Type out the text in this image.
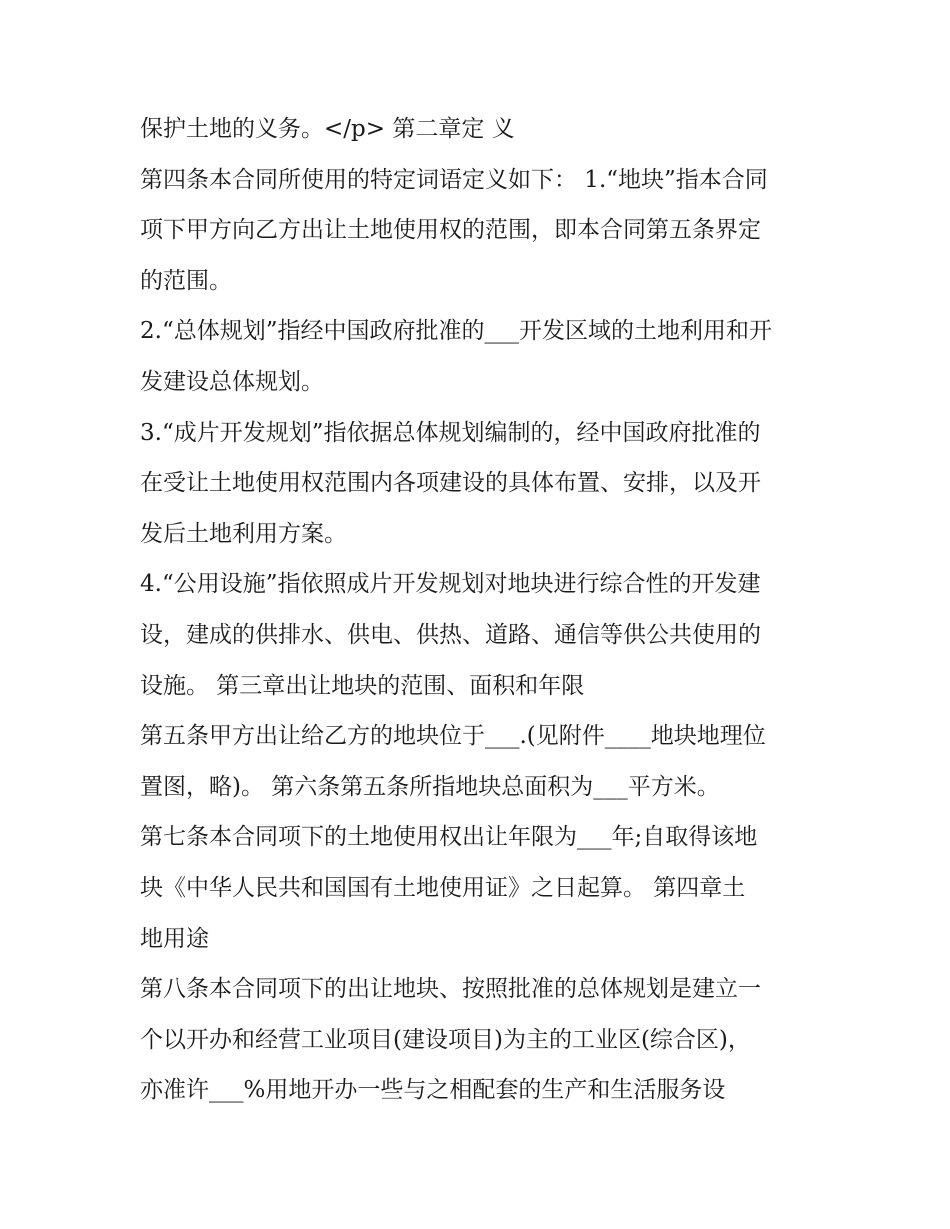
保护土地的义务。</p> 第二章定 义
第四条本合同所使用的特定词语定义如下： 1.“地块”指本合同
项下甲方向乙方出让土地使用权的范围，即本合同第五条界定
的范围。
2.“总体规划”指经中国政府批准的___开发区域的土地利用和开
发建设总体规划。
3.“成片开发规划”指依据总体规划编制的，经中国政府批准的
在受让土地使用权范围内各项建设的具体布置、安排，以及开
发后土地利用方案。
4.“公用设施”指依照成片开发规划对地块进行综合性的开发建
设，建成的供排水、供电、供热、道路、通信等供公共使用的
设施。 第三章出让地块的范围、面积和年限
第五条甲方出让给乙方的地块位于___.(见附件____地块地理位
置图，略)。 第六条第五条所指地块总面积为___平方米。
第七条本合同项下的土地使用权出让年限为___年;自取得该地
块《中华人民共和国国有土地使用证》之日起算。 第四章土
地用途
第八条本合同项下的出让地块、按照批准的总体规划是建立一
个以开办和经营工业项目(建设项目)为主的工业区(综合区)，
亦准许___%用地开办一些与之相配套的生产和生活服务设
